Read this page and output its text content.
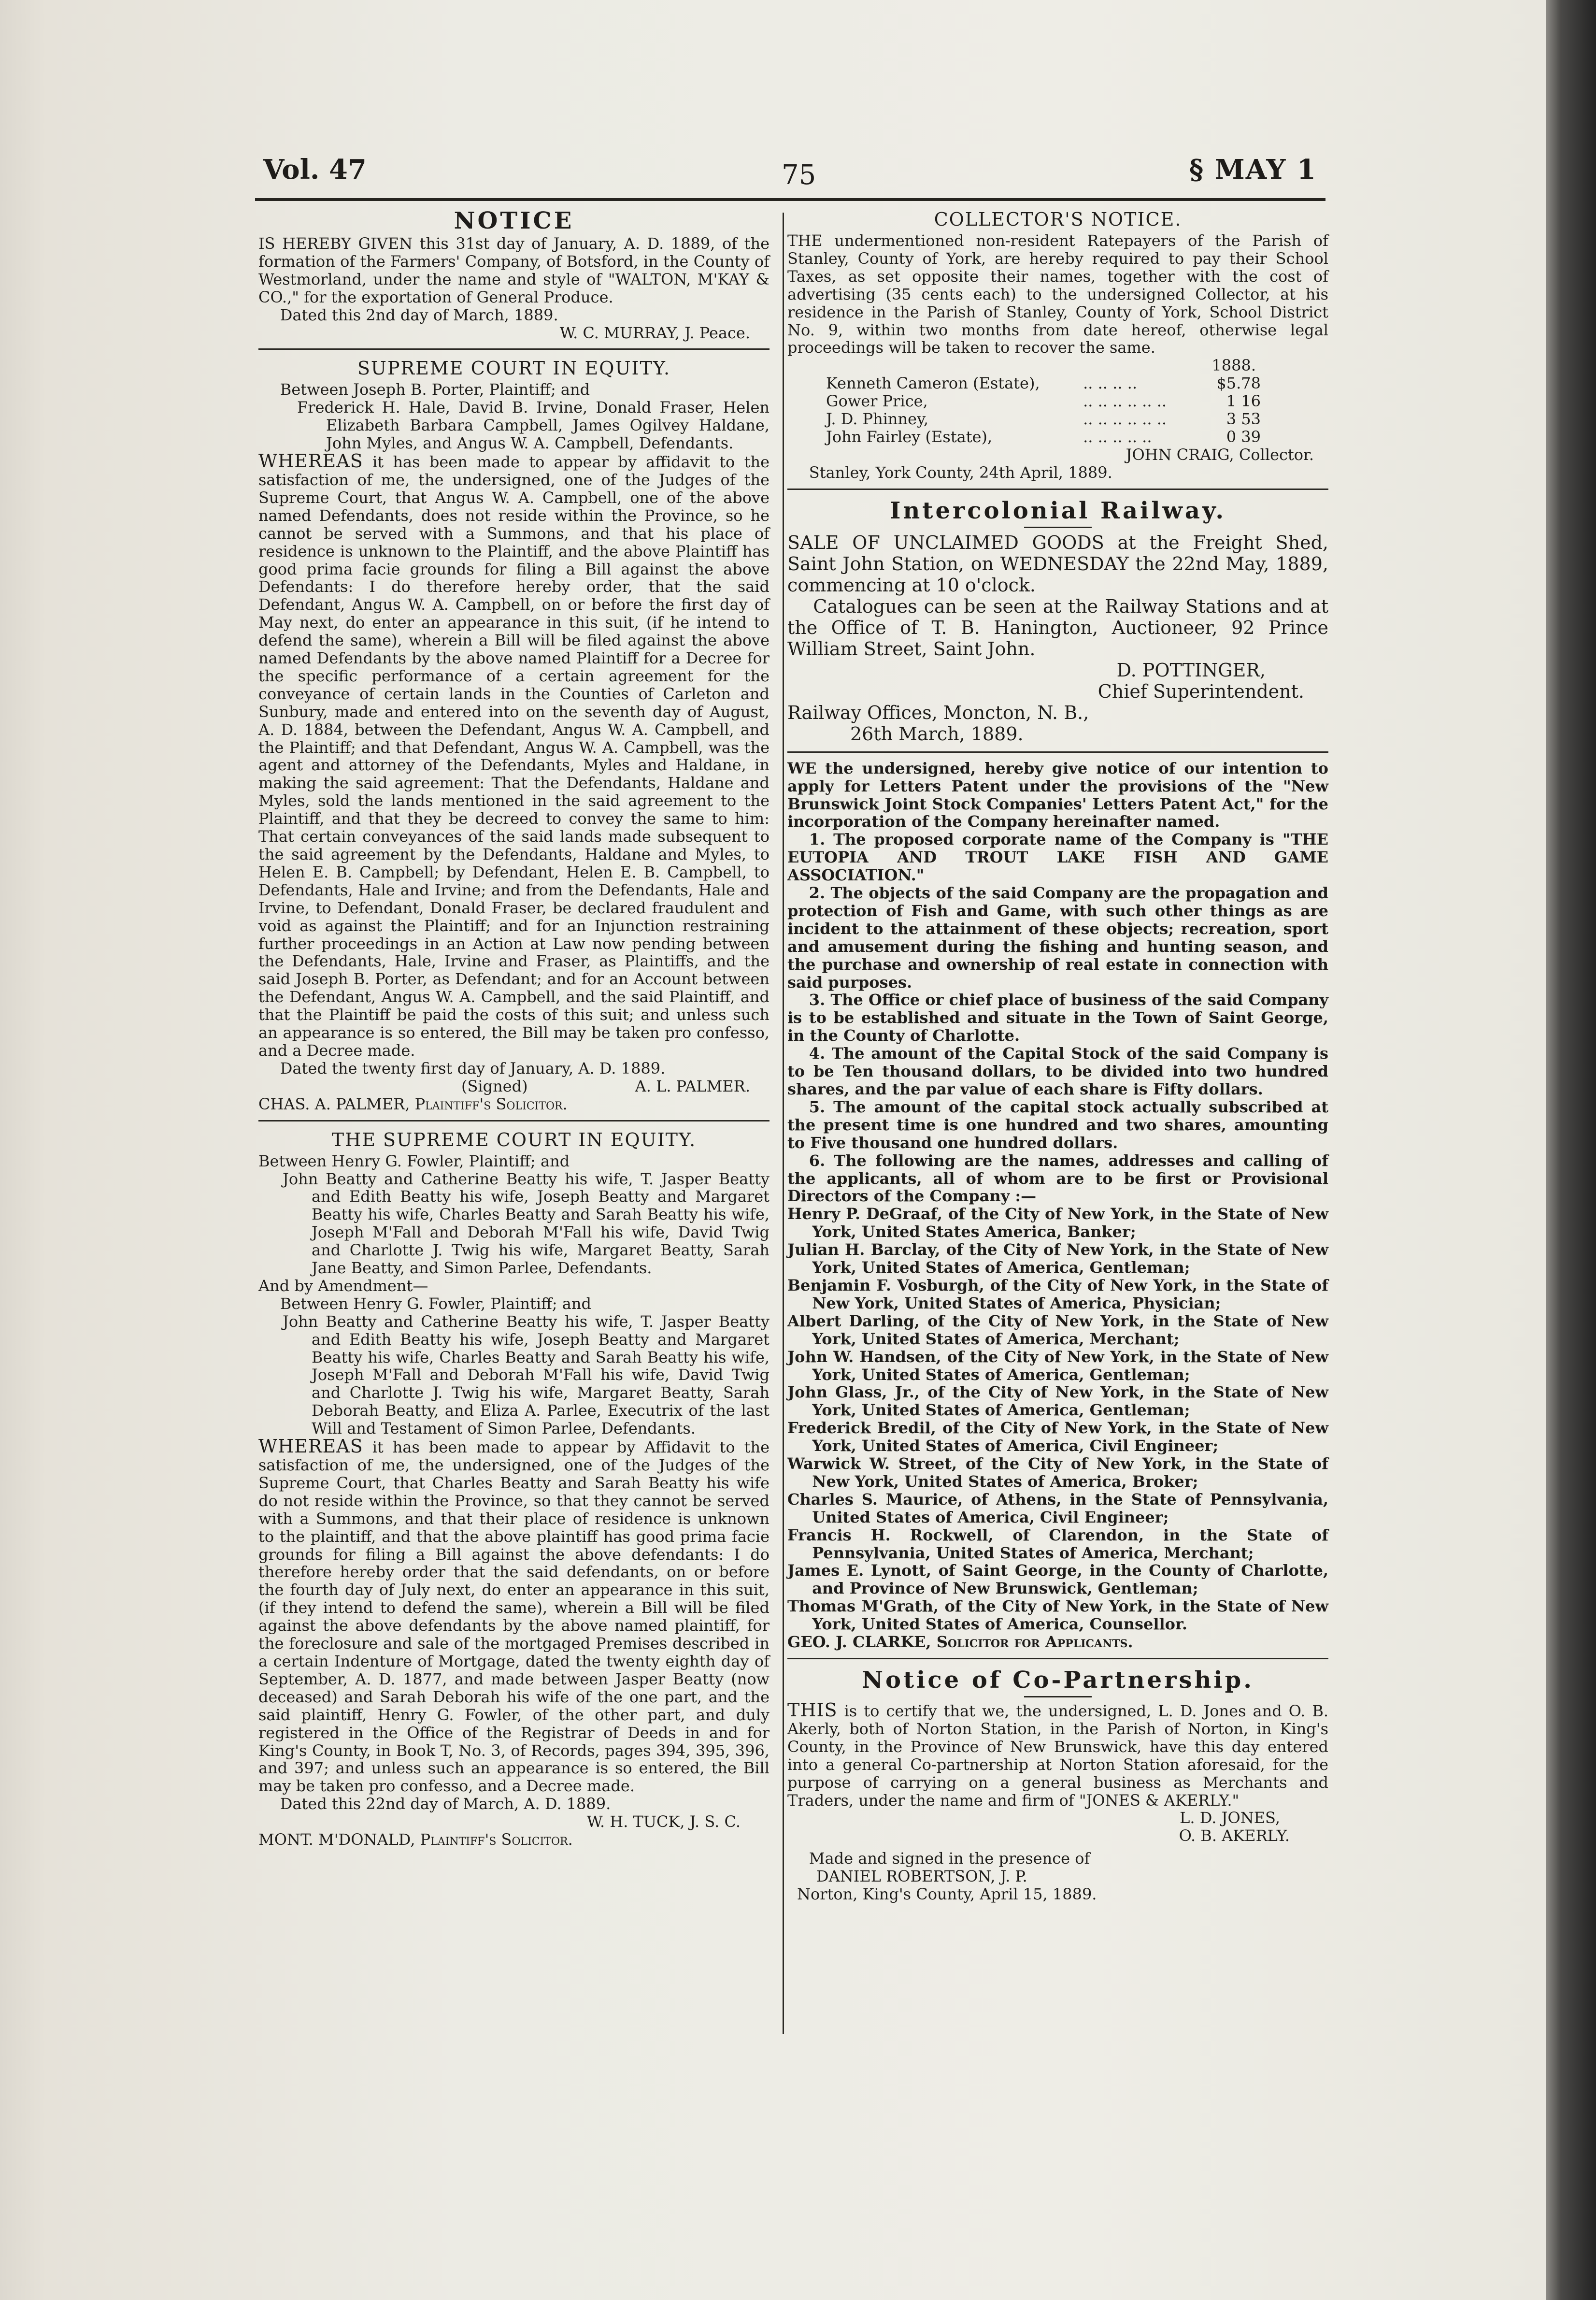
Vol. 47	75	§ MAY 1

NOTICE

IS HEREBY GIVEN this 31st day of January, A. D. 1889, of the formation of the Farmers' Company, of Botsford, in the County of Westmorland, under the name and style of "WALTON, M'KAY & CO.," for the exportation of General Produce.

Dated this 2nd day of March, 1889.

W. C. MURRAY, J. Peace.

SUPREME COURT IN EQUITY.

Between Joseph B. Porter, Plaintiff; and

Frederick H. Hale, David B. Irvine, Donald Fraser, Helen Elizabeth Barbara Campbell, James Ogilvey Haldane, John Myles, and Angus W. A. Campbell, Defendants.

WHEREAS it has been made to appear by affidavit to the satisfaction of me, the undersigned, one of the Judges of the Supreme Court, that Angus W. A. Campbell, one of the above named Defendants, does not reside within the Province, so he cannot be served with a Summons, and that his place of residence is unknown to the Plaintiff, and the above Plaintiff has good prima facie grounds for filing a Bill against the above Defendants: I do therefore hereby order, that the said Defendant, Angus W. A. Campbell, on or before the first day of May next, do enter an appearance in this suit, (if he intend to defend the same), wherein a Bill will be filed against the above named Defendants by the above named Plaintiff for a Decree for the specific performance of a certain agreement for the conveyance of certain lands in the Counties of Carleton and Sunbury, made and entered into on the seventh day of August, A. D. 1884, between the Defendant, Angus W. A. Campbell, and the Plaintiff; and that Defendant, Angus W. A. Campbell, was the agent and attorney of the Defendants, Myles and Haldane, in making the said agreement: That the Defendants, Haldane and Myles, sold the lands mentioned in the said agreement to the Plaintiff, and that they be decreed to convey the same to him: That certain conveyances of the said lands made subsequent to the said agreement by the Defendants, Haldane and Myles, to Helen E. B. Campbell; by Defendant, Helen E. B. Campbell, to Defendants, Hale and Irvine; and from the Defendants, Hale and Irvine, to Defendant, Donald Fraser, be declared fraudulent and void as against the Plaintiff; and for an Injunction restraining further proceedings in an Action at Law now pending between the Defendants, Hale, Irvine and Fraser, as Plaintiffs, and the said Joseph B. Porter, as Defendant; and for an Account between the Defendant, Angus W. A. Campbell, and the said Plaintiff, and that the Plaintiff be paid the costs of this suit; and unless such an appearance is so entered, the Bill may be taken pro confesso, and a Decree made.

Dated the twenty first day of January, A. D. 1889.

(Signed)	A. L. PALMER.

CHAS. A. PALMER, Plaintiff's Solicitor.

THE SUPREME COURT IN EQUITY.

Between Henry G. Fowler, Plaintiff; and

John Beatty and Catherine Beatty his wife, T. Jasper Beatty and Edith Beatty his wife, Joseph Beatty and Margaret Beatty his wife, Charles Beatty and Sarah Beatty his wife, Joseph M'Fall and Deborah M'Fall his wife, David Twig and Charlotte J. Twig his wife, Margaret Beatty, Sarah Jane Beatty, and Simon Parlee, Defendants.

And by Amendment—

Between Henry G. Fowler, Plaintiff; and

John Beatty and Catherine Beatty his wife, T. Jasper Beatty and Edith Beatty his wife, Joseph Beatty and Margaret Beatty his wife, Charles Beatty and Sarah Beatty his wife, Joseph M'Fall and Deborah M'Fall his wife, David Twig and Charlotte J. Twig his wife, Margaret Beatty, Sarah Deborah Beatty, and Eliza A. Parlee, Executrix of the last Will and Testament of Simon Parlee, Defendants.

WHEREAS it has been made to appear by Affidavit to the satisfaction of me, the undersigned, one of the Judges of the Supreme Court, that Charles Beatty and Sarah Beatty his wife do not reside within the Province, so that they cannot be served with a Summons, and that their place of residence is unknown to the plaintiff, and that the above plaintiff has good prima facie grounds for filing a Bill against the above defendants: I do therefore hereby order that the said defendants, on or before the fourth day of July next, do enter an appearance in this suit, (if they intend to defend the same), wherein a Bill will be filed against the above defendants by the above named plaintiff, for the foreclosure and sale of the mortgaged Premises described in a certain Indenture of Mortgage, dated the twenty eighth day of September, A. D. 1877, and made between Jasper Beatty (now deceased) and Sarah Deborah his wife of the one part, and the said plaintiff, Henry G. Fowler, of the other part, and duly registered in the Office of the Registrar of Deeds in and for King's County, in Book T, No. 3, of Records, pages 394, 395, 396, and 397; and unless such an appearance is so entered, the Bill may be taken pro confesso, and a Decree made.

Dated this 22nd day of March, A. D. 1889.

W. H. TUCK, J. S. C.

MONT. M'DONALD, Plaintiff's Solicitor.

COLLECTOR'S NOTICE.

THE undermentioned non-resident Ratepayers of the Parish of Stanley, County of York, are hereby required to pay their School Taxes, as set opposite their names, together with the cost of advertising (35 cents each) to the undersigned Collector, at his residence in the Parish of Stanley, County of York, School District No. 9, within two months from date hereof, otherwise legal proceedings will be taken to recover the same.

1888.

Kenneth Cameron (Estate),	.. .. .. ..	$5.78
Gower Price,	.. .. .. .. .. ..	1 16
J. D. Phinney,	.. .. .. .. .. ..	3 53
John Fairley (Estate),	.. .. .. .. ..	0 39

JOHN CRAIG, Collector.

Stanley, York County, 24th April, 1889.

Intercolonial Railway.

SALE OF UNCLAIMED GOODS at the Freight Shed, Saint John Station, on WEDNESDAY the 22nd May, 1889, commencing at 10 o'clock.

Catalogues can be seen at the Railway Stations and at the Office of T. B. Hanington, Auctioneer, 92 Prince William Street, Saint John.

D. POTTINGER,

Chief Superintendent.

Railway Offices, Moncton, N. B.,

26th March, 1889.

WE the undersigned, hereby give notice of our intention to apply for Letters Patent under the provisions of the "New Brunswick Joint Stock Companies' Letters Patent Act," for the incorporation of the Company hereinafter named.

1. The proposed corporate name of the Company is "THE EUTOPIA AND TROUT LAKE FISH AND GAME ASSOCIATION."

2. The objects of the said Company are the propagation and protection of Fish and Game, with such other things as are incident to the attainment of these objects; recreation, sport and amusement during the fishing and hunting season, and the purchase and ownership of real estate in connection with said purposes.

3. The Office or chief place of business of the said Company is to be established and situate in the Town of Saint George, in the County of Charlotte.

4. The amount of the Capital Stock of the said Company is to be Ten thousand dollars, to be divided into two hundred shares, and the par value of each share is Fifty dollars.

5. The amount of the capital stock actually subscribed at the present time is one hundred and two shares, amounting to Five thousand one hundred dollars.

6. The following are the names, addresses and calling of the applicants, all of whom are to be first or Provisional Directors of the Company :—

Henry P. DeGraaf, of the City of New York, in the State of New York, United States America, Banker;

Julian H. Barclay, of the City of New York, in the State of New York, United States of America, Gentleman;

Benjamin F. Vosburgh, of the City of New York, in the State of New York, United States of America, Physician;

Albert Darling, of the City of New York, in the State of New York, United States of America, Merchant;

John W. Handsen, of the City of New York, in the State of New York, United States of America, Gentleman;

John Glass, Jr., of the City of New York, in the State of New York, United States of America, Gentleman;

Frederick Bredil, of the City of New York, in the State of New York, United States of America, Civil Engineer;

Warwick W. Street, of the City of New York, in the State of New York, United States of America, Broker;

Charles S. Maurice, of Athens, in the State of Pennsylvania, United States of America, Civil Engineer;

Francis H. Rockwell, of Clarendon, in the State of Pennsylvania, United States of America, Merchant;

James E. Lynott, of Saint George, in the County of Charlotte, and Province of New Brunswick, Gentleman;

Thomas M'Grath, of the City of New York, in the State of New York, United States of America, Counsellor.

GEO. J. CLARKE, Solicitor for Applicants.

Notice of Co-Partnership.

THIS is to certify that we, the undersigned, L. D. Jones and O. B. Akerly, both of Norton Station, in the Parish of Norton, in King's County, in the Province of New Brunswick, have this day entered into a general Co-partnership at Norton Station aforesaid, for the purpose of carrying on a general business as Merchants and Traders, under the name and firm of "JONES & AKERLY."

L. D. JONES,

O. B. AKERLY.

Made and signed in the presence of

DANIEL ROBERTSON, J. P.

Norton, King's County, April 15, 1889.
